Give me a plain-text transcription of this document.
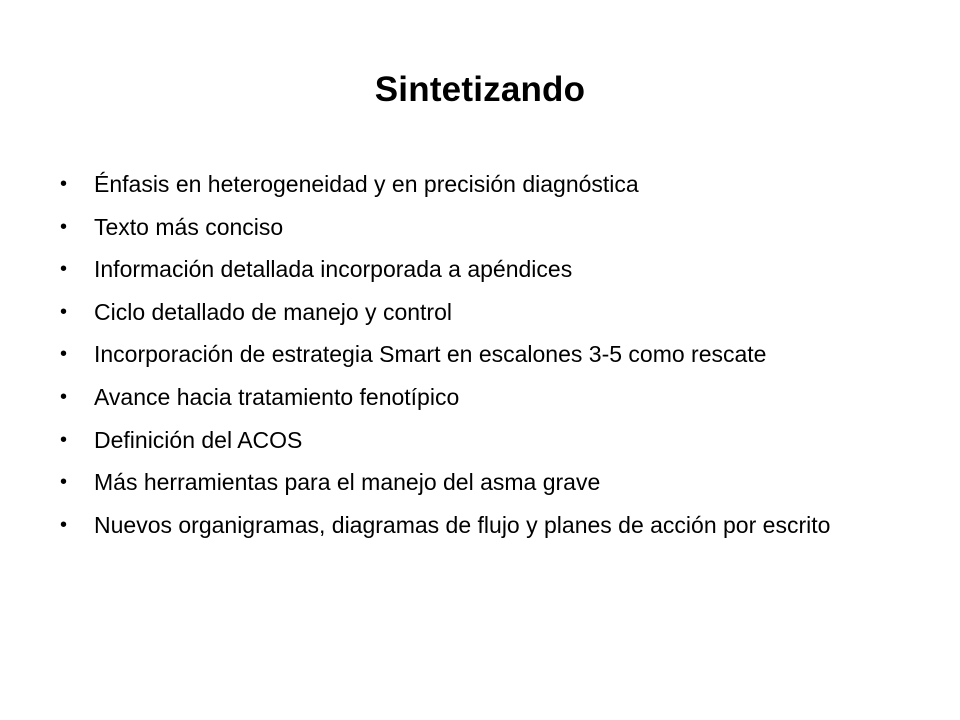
Sintetizando
• Énfasis en heterogeneidad y en precisión diagnóstica
• Texto más conciso
• Información detallada incorporada a apéndices
• Ciclo detallado de manejo y control
• Incorporación de estrategia Smart en escalones 3-5 como rescate
• Avance hacia tratamiento fenotípico
• Definición del ACOS
• Más herramientas para el manejo del asma grave
• Nuevos organigramas, diagramas de flujo y planes de acción por escrito
